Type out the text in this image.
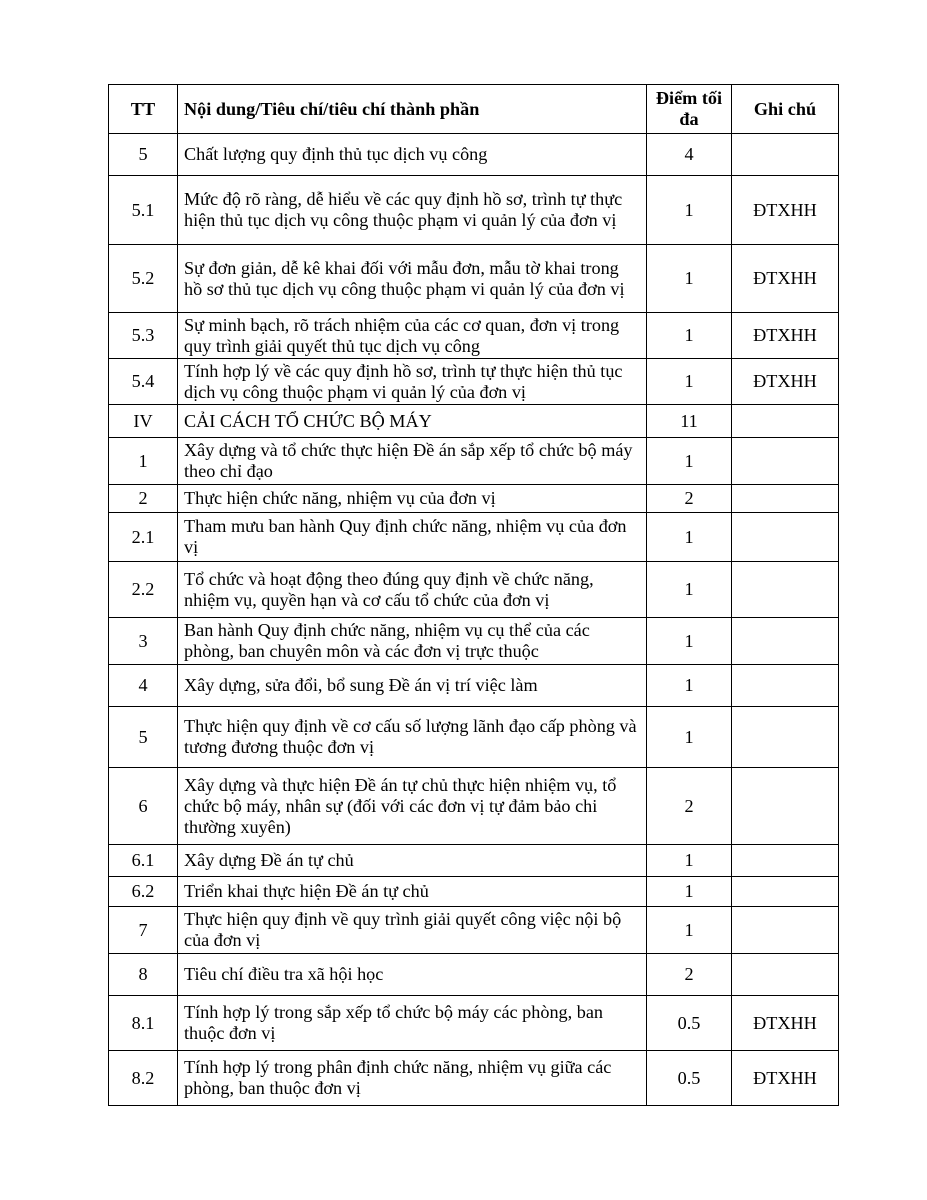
TT	Nội dung/Tiêu chí/tiêu chí thành phần	Điểm tối đa	Ghi chú
5	Chất lượng quy định thủ tục dịch vụ công	4	
5.1	Mức độ rõ ràng, dễ hiểu về các quy định hồ sơ, trình tự thực hiện thủ tục dịch vụ công thuộc phạm vi quản lý của đơn vị	1	ĐTXHH
5.2	Sự đơn giản, dễ kê khai đối với mẫu đơn, mẫu tờ khai trong hồ sơ thủ tục dịch vụ công thuộc phạm vi quản lý của đơn vị	1	ĐTXHH
5.3	Sự minh bạch, rõ trách nhiệm của các cơ quan, đơn vị trong quy trình giải quyết thủ tục dịch vụ công	1	ĐTXHH
5.4	Tính hợp lý về các quy định hồ sơ, trình tự thực hiện thủ tục dịch vụ công thuộc phạm vi quản lý của đơn vị	1	ĐTXHH
IV	CẢI CÁCH TỔ CHỨC BỘ MÁY	11	
1	Xây dựng và tổ chức thực hiện Đề án sắp xếp tổ chức bộ máy theo chỉ đạo	1	
2	Thực hiện chức năng, nhiệm vụ của đơn vị	2	
2.1	Tham mưu ban hành Quy định chức năng, nhiệm vụ của đơn vị	1	
2.2	Tổ chức và hoạt động theo đúng quy định về chức năng, nhiệm vụ, quyền hạn và cơ cấu tổ chức của đơn vị	1	
3	Ban hành Quy định chức năng, nhiệm vụ cụ thể của các phòng, ban chuyên môn và các đơn vị trực thuộc	1	
4	Xây dựng, sửa đổi, bổ sung Đề án vị trí việc làm	1	
5	Thực hiện quy định về cơ cấu số lượng lãnh đạo cấp phòng và tương đương thuộc đơn vị	1	
6	Xây dựng và thực hiện Đề án tự chủ thực hiện nhiệm vụ, tổ chức bộ máy, nhân sự (đối với các đơn vị tự đảm bảo chi thường xuyên)	2	
6.1	Xây dựng Đề án tự chủ	1	
6.2	Triển khai thực hiện Đề án tự chủ	1	
7	Thực hiện quy định về quy trình giải quyết công việc nội bộ của đơn vị	1	
8	Tiêu chí điều tra xã hội học	2	
8.1	Tính hợp lý trong sắp xếp tổ chức bộ máy các phòng, ban thuộc đơn vị	0.5	ĐTXHH
8.2	Tính hợp lý trong phân định chức năng, nhiệm vụ giữa các phòng, ban thuộc đơn vị	0.5	ĐTXHH
